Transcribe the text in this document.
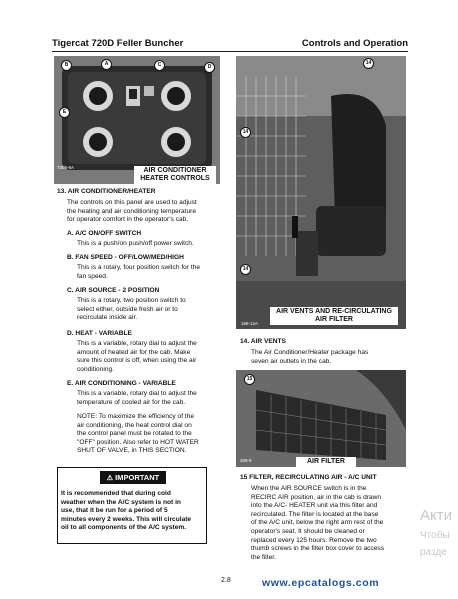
Tigercat 720D Feller Buncher	Controls and Operation
7305-6A
B	A	C	D
E
AIR CONDITIONER
HEATER CONTROLS
13. AIR CONDITIONER/HEATER
The controls on this panel are used to adjust
the heating and air conditioning temperature
for operator comfort in the operator's cab.
A. A/C ON/OFF SWITCH
This is a push/on push/off power switch.
B. FAN SPEED - OFF/LOW/MED/HIGH
This is a rotary, four position switch for the
fan speed.
C. AIR SOURCE - 2 POSITION
This is a rotary, two position switch to
select either, outside fresh air or to
recirculate inside air.
D. HEAT - VARIABLE
This is a variable, rotary dial to adjust the
amount of heated air for the cab. Make
sure this control is off, when using the air
conditioning.
E. AIR CONDITIONING - VARIABLE
This is a variable, rotary dial to adjust the
temperature of cooled air for the cab.
NOTE: To maximize the efficiency of the
air conditioning, the heat control dial on
the control panel must be rotated to the
"OFF" position. Also refer to HOT WATER
SHUT OF VALVE, in THIS SECTION.
⚠ IMPORTANT
It is recommended that during cold
weather when the A/C system is not in
use, that it be run for a period of 5
minutes every 2 weeks. This will circulate
oil to all components of the A/C system.
166-12A
14
14
14
AIR VENTS AND RE-CIRCULATING
AIR FILTER
14. AIR VENTS
The Air Conditioner/Heater package has
seven air outlets in the cab.
209-9
15
AIR FILTER
15 FILTER, RECIRCULATING AIR - A/C UNIT
When the AIR SOURCE switch is in the
RECIRC AIR position, air in the cab is drawn
into the A/C- HEATER unit via this filter and
recirculated. The filter is located at the base
of the A/C unit, below the right arm rest of the
operator's seat. It should be cleaned or
replaced every 125 hours. Remove the two
thumb screws in the filter box cover to access
the filter.
Акти
Чтобы
разде
2.8	www.epcatalogs.com
